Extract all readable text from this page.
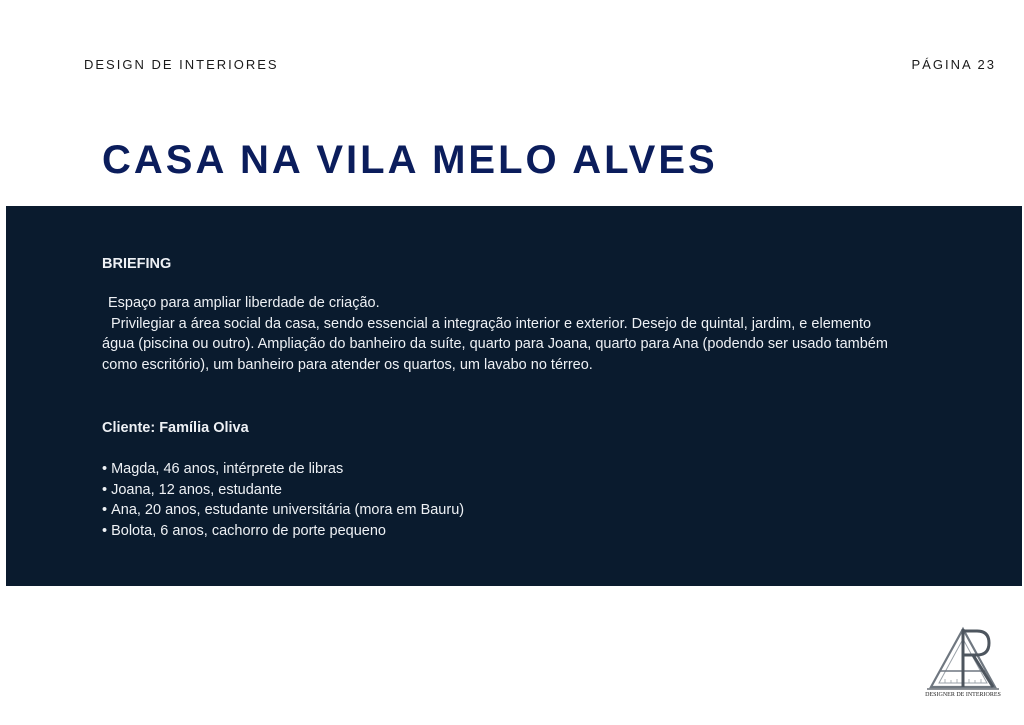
DESIGN DE INTERIORES	PÁGINA 23
CASA NA VILA MELO ALVES
BRIEFING

Espaço para ampliar liberdade de criação.

Privilegiar a área social da casa, sendo essencial a integração interior e exterior. Desejo de quintal, jardim, e elemento água (piscina ou outro). Ampliação do banheiro da suíte, quarto para Joana, quarto para Ana (podendo ser usado também como escritório), um banheiro para atender os quartos, um lavabo no térreo.

Cliente: Família Oliva
• Magda, 46 anos, intérprete de libras
• Joana, 12 anos, estudante
• Ana, 20 anos, estudante universitária (mora em Bauru)
• Bolota, 6 anos, cachorro de porte pequeno
DESIGNER DE INTERIORES
